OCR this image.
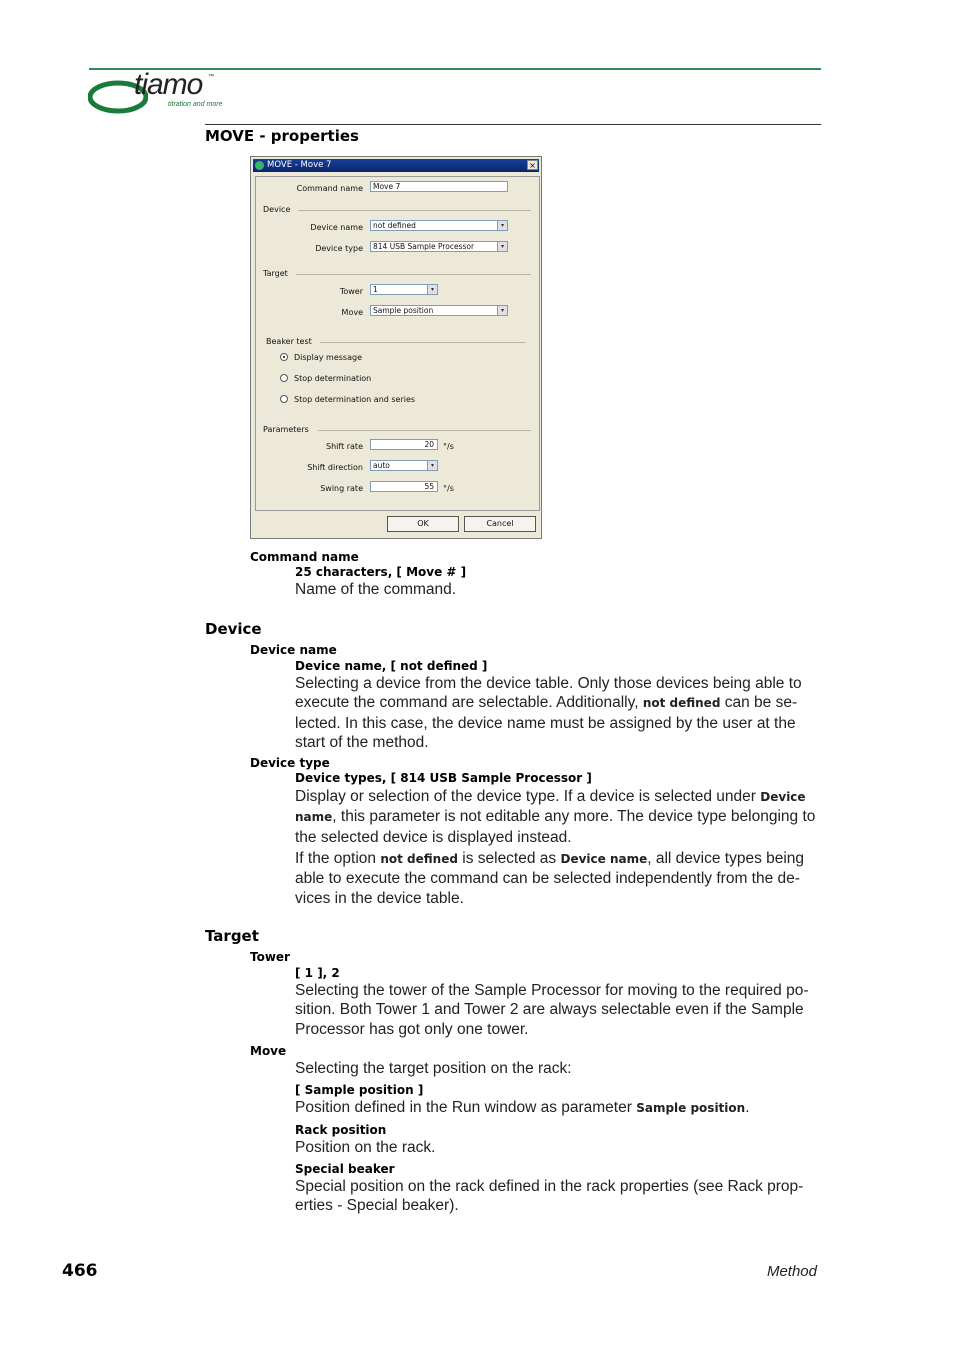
tiamo ™
titration and more
MOVE - properties
MOVE - Move 7	×
Command name	Move 7
Device
Device name	not defined	▾
Device type	814 USB Sample Processor	▾
Target
Tower	1	▾
Move	Sample position	▾
Beaker test
Display message
Stop determination
Stop determination and series
Parameters
Shift rate	20	°/s
Shift direction	auto	▾
Swing rate	55	°/s
OK	Cancel
Command name
25 characters, [ Move # ]
Name of the command.
Device
Device name
Device name, [ not defined ]
Selecting a device from the device table. Only those devices being able to execute the command are selectable. Additionally, not defined can be se-lected. In this case, the device name must be assigned by the user at the start of the method.
Device type
Device types, [ 814 USB Sample Processor ]
Display or selection of the device type. If a device is selected under Device name, this parameter is not editable any more. The device type belonging to the selected device is displayed instead.
If the option not defined is selected as Device name, all device types being able to execute the command can be selected independently from the de-vices in the device table.
Target
Tower
[ 1 ], 2
Selecting the tower of the Sample Processor for moving to the required po-sition. Both Tower 1 and Tower 2 are always selectable even if the Sample Processor has got only one tower.
Move
Selecting the target position on the rack:
[ Sample position ]
Position defined in the Run window as parameter Sample position.
Rack position
Position on the rack.
Special beaker
Special position on the rack defined in the rack properties (see Rack prop-erties - Special beaker).
466	Method
